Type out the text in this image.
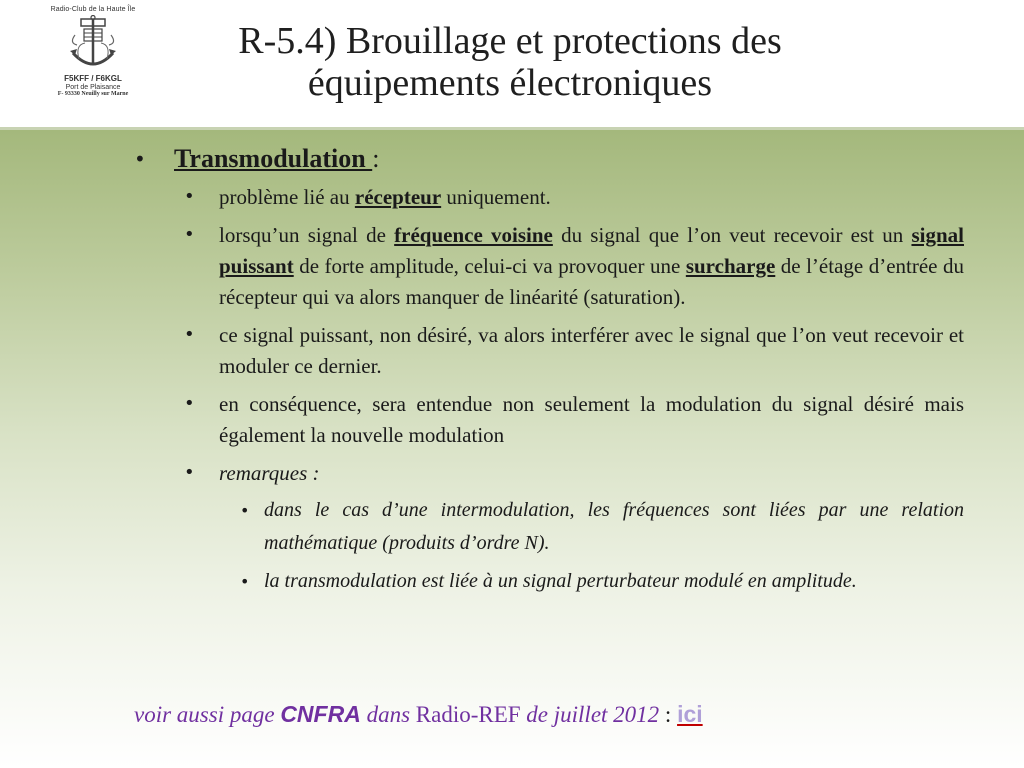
Radio-Club de la Haute Île
F5KFF / F6KGL
Port de Plaisance
F- 93330 Neuilly sur Marne
R-5.4) Brouillage et protections des
équipements électroniques
• Transmodulation :
• problème lié au récepteur uniquement.
• lorsqu’un signal de fréquence voisine du signal que l’on veut recevoir est un signal puissant de forte amplitude, celui-ci va provoquer une surcharge de l’étage d’entrée du récepteur qui va alors manquer de linéarité (saturation).
• ce signal puissant, non désiré, va alors interférer avec le signal que l’on veut recevoir et moduler ce dernier.
• en conséquence, sera entendue non seulement la modulation du signal désiré mais également la nouvelle modulation
• remarques :
• dans le cas d’une intermodulation, les fréquences sont liées par une relation mathématique (produits d’ordre N).
• la transmodulation est liée à un signal perturbateur modulé en amplitude.
voir aussi page CNFRA dans Radio-REF de juillet 2012 : ici
